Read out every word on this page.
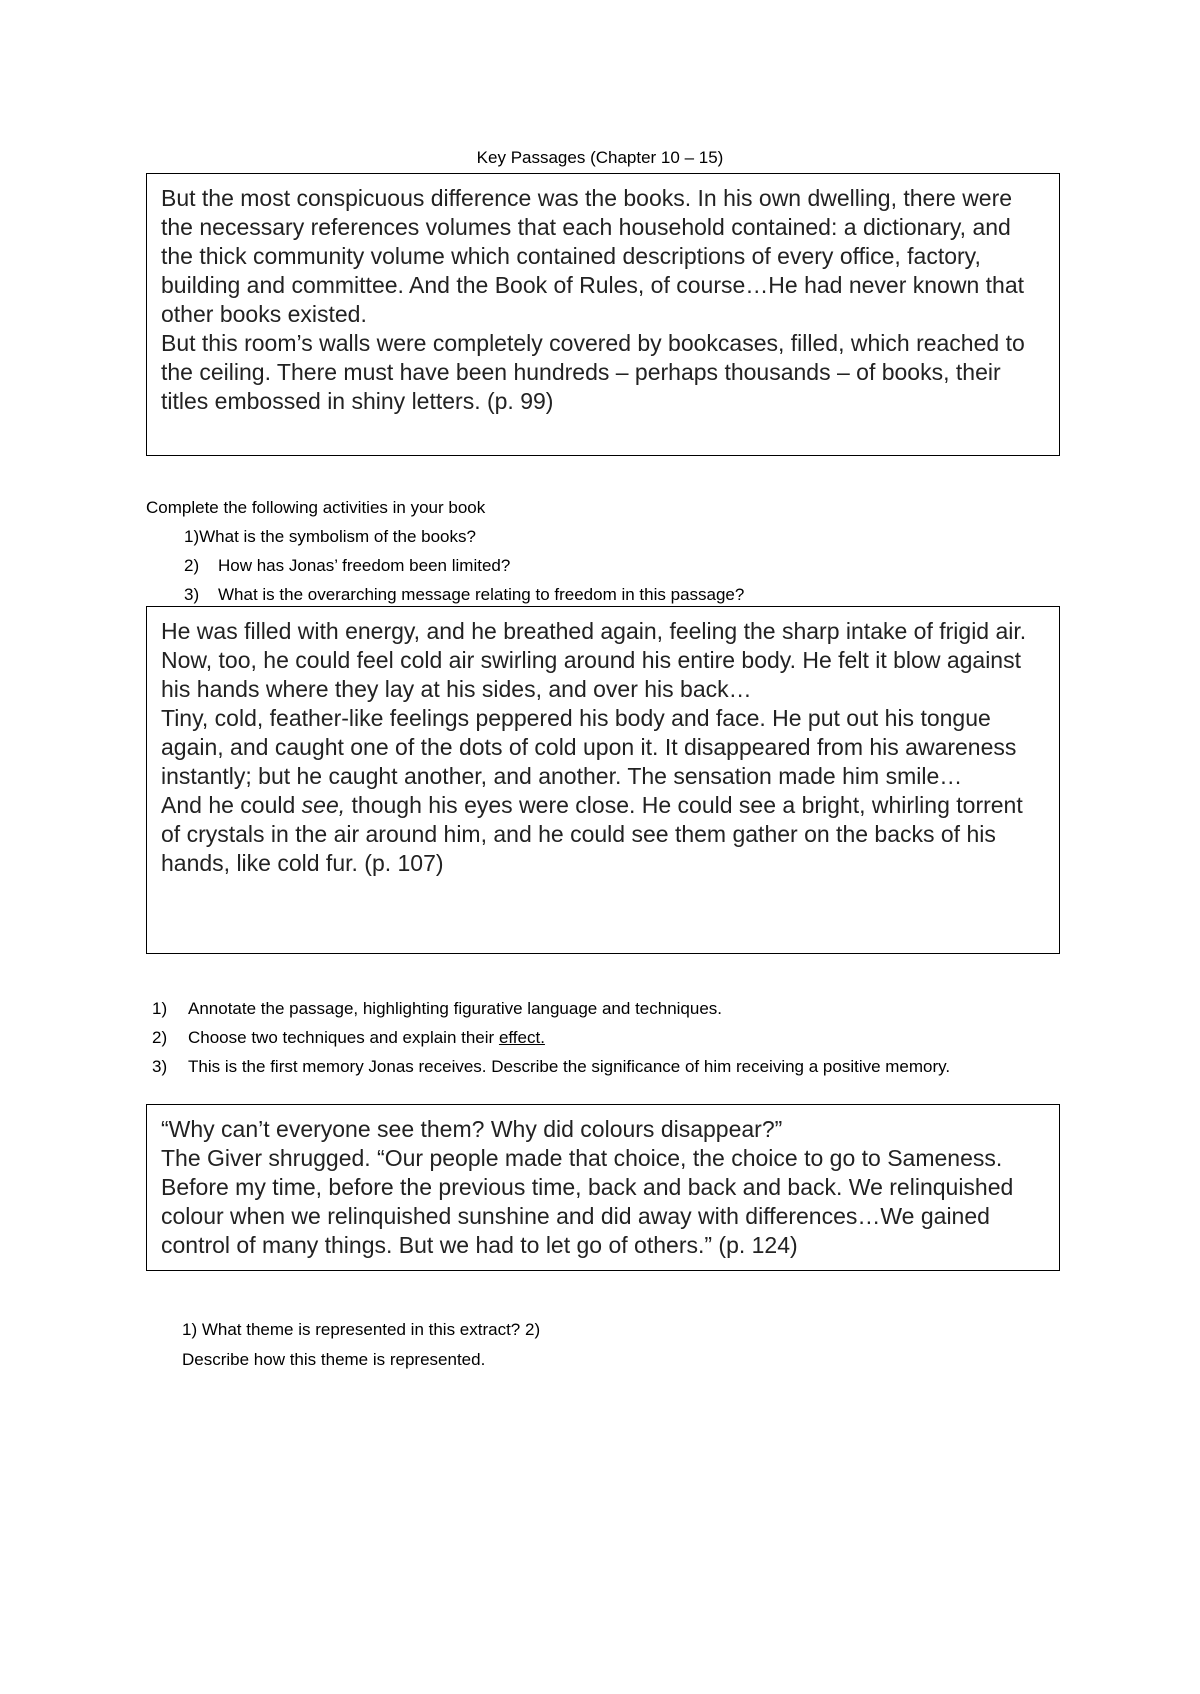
Key Passages (Chapter 10 – 15)

But the most conspicuous difference was the books. In his own dwelling, there were the necessary references volumes that each household contained: a dictionary, and the thick community volume which contained descriptions of every office, factory, building and committee. And the Book of Rules, of course…He had never known that other books existed.

But this room’s walls were completely covered by bookcases, filled, which reached to the ceiling. There must have been hundreds – perhaps thousands – of books, their titles embossed in shiny letters. (p. 99)

Complete the following activities in your book

1)What is the symbolism of the books?
2)	How has Jonas’ freedom been limited?
3)	What is the overarching message relating to freedom in this passage?

He was filled with energy, and he breathed again, feeling the sharp intake of frigid air. Now, too, he could feel cold air swirling around his entire body. He felt it blow against his hands where they lay at his sides, and over his back…

Tiny, cold, feather-like feelings peppered his body and face. He put out his tongue again, and caught one of the dots of cold upon it. It disappeared from his awareness instantly; but he caught another, and another. The sensation made him smile…

And he could see, though his eyes were close. He could see a bright, whirling torrent of crystals in the air around him, and he could see them gather on the backs of his hands, like cold fur. (p. 107)

1) Annotate the passage, highlighting figurative language and techniques.
2) Choose two techniques and explain their effect.
3) This is the first memory Jonas receives. Describe the significance of him receiving a positive memory.

“Why can’t everyone see them? Why did colours disappear?”

The Giver shrugged. “Our people made that choice, the choice to go to Sameness. Before my time, before the previous time, back and back and back. We relinquished colour when we relinquished sunshine and did away with differences…We gained control of many things. But we had to let go of others.” (p. 124)

1) What theme is represented in this extract? 2)
Describe how this theme is represented.
